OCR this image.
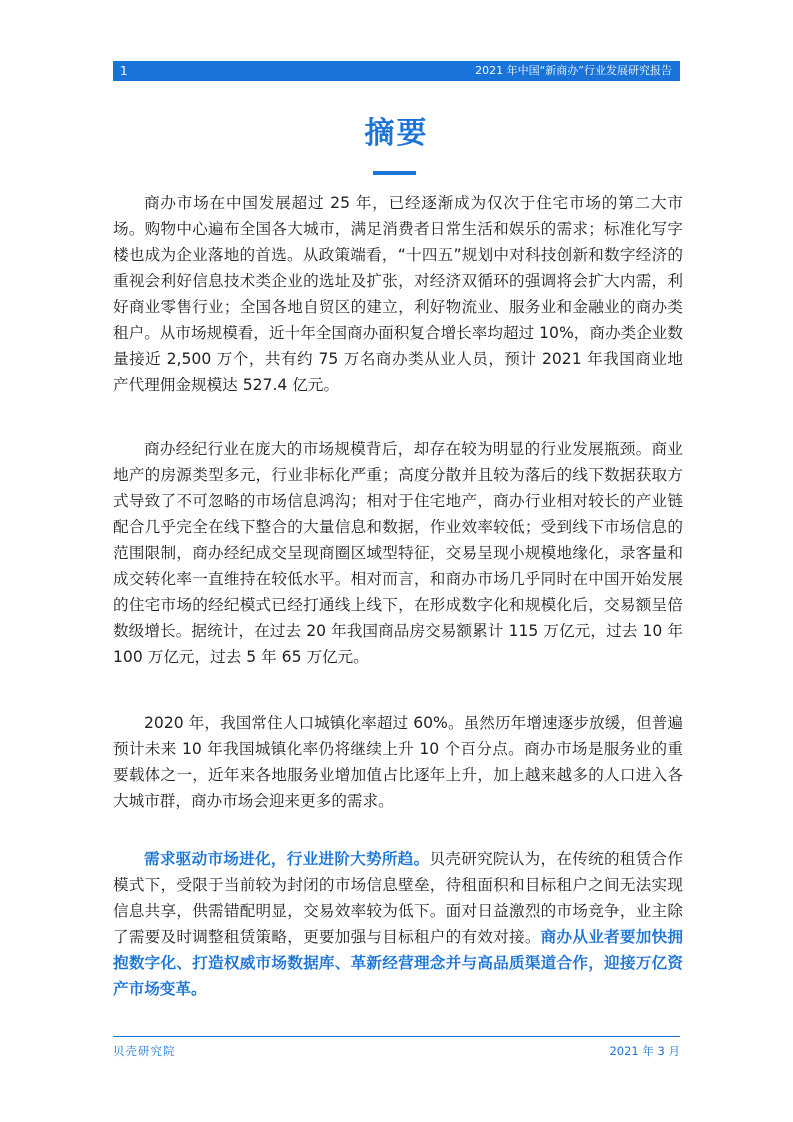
1	2021 年中国“新商办”行业发展研究报告
摘要

商办市场在中国发展超过 25 年，已经逐渐成为仅次于住宅市场的第二大市场。购物中心遍布全国各大城市，满足消费者日常生活和娱乐的需求；标准化写字楼也成为企业落地的首选。从政策端看，“十四五”规划中对科技创新和数字经济的重视会利好信息技术类企业的选址及扩张，对经济双循环的强调将会扩大内需，利好商业零售行业；全国各地自贸区的建立，利好物流业、服务业和金融业的商办类租户。从市场规模看，近十年全国商办面积复合增长率均超过 10%，商办类企业数量接近 2,500 万个，共有约 75 万名商办类从业人员，预计 2021 年我国商业地产代理佣金规模达 527.4 亿元。

商办经纪行业在庞大的市场规模背后，却存在较为明显的行业发展瓶颈。商业地产的房源类型多元，行业非标化严重；高度分散并且较为落后的线下数据获取方式导致了不可忽略的市场信息鸿沟；相对于住宅地产，商办行业相对较长的产业链配合几乎完全在线下整合的大量信息和数据，作业效率较低；受到线下市场信息的范围限制，商办经纪成交呈现商圈区域型特征，交易呈现小规模地缘化，录客量和成交转化率一直维持在较低水平。相对而言，和商办市场几乎同时在中国开始发展的住宅市场的经纪模式已经打通线上线下，在形成数字化和规模化后，交易额呈倍数级增长。据统计，在过去 20 年我国商品房交易额累计 115 万亿元，过去 10 年 100 万亿元，过去 5 年 65 万亿元。

2020 年，我国常住人口城镇化率超过 60%。虽然历年增速逐步放缓，但普遍预计未来 10 年我国城镇化率仍将继续上升 10 个百分点。商办市场是服务业的重要载体之一，近年来各地服务业增加值占比逐年上升，加上越来越多的人口进入各大城市群，商办市场会迎来更多的需求。

需求驱动市场进化，行业进阶大势所趋。贝壳研究院认为，在传统的租赁合作模式下，受限于当前较为封闭的市场信息壁垒，待租面积和目标租户之间无法实现信息共享，供需错配明显，交易效率较为低下。面对日益激烈的市场竞争，业主除了需要及时调整租赁策略，更要加强与目标租户的有效对接。商办从业者要加快拥抱数字化、打造权威市场数据库、革新经营理念并与高品质渠道合作，迎接万亿资产市场变革。

贝壳研究院	2021 年 3 月
